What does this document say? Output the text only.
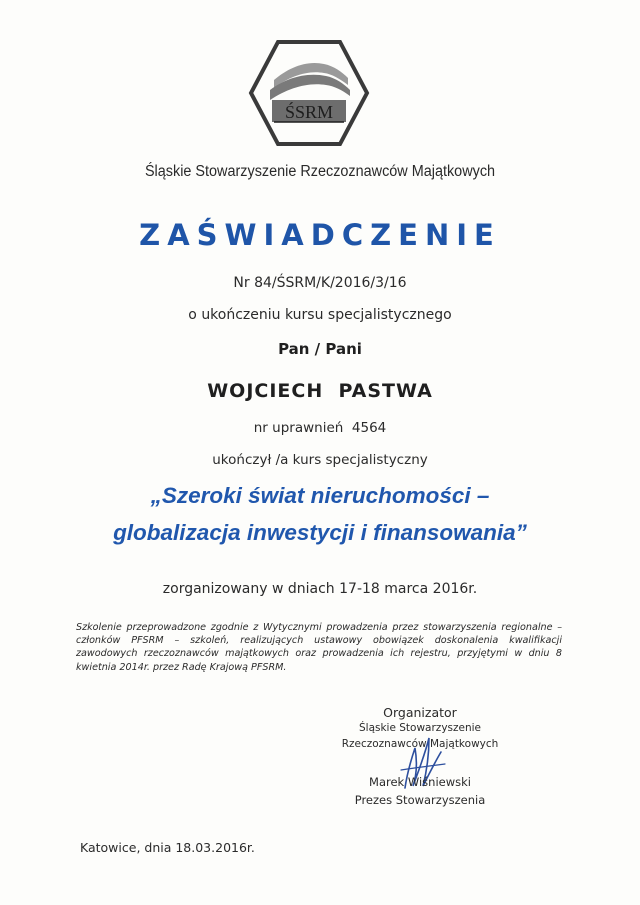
ŚSRM
Śląskie Stowarzyszenie Rzeczoznawców Majątkowych
ZAŚWIADCZENIE
Nr 84/ŚSRM/K/2016/3/16
o ukończeniu kursu specjalistycznego
Pan / Pani
WOJCIECH  PASTWA
nr uprawnień  4564
ukończył /a kurs specjalistyczny
„Szeroki świat nieruchomości –
globalizacja inwestycji i finansowania”
zorganizowany w dniach 17-18 marca 2016r.
Szkolenie przeprowadzone zgodnie z Wytycznymi prowadzenia przez stowarzyszenia regionalne – członków PFSRM – szkoleń, realizujących ustawowy obowiązek doskonalenia kwalifikacji zawodowych rzeczoznawców majątkowych oraz prowadzenia ich rejestru, przyjętymi w dniu 8 kwietnia 2014r. przez Radę Krajową PFSRM.
Organizator
Śląskie Stowarzyszenie
Rzeczoznawców Majątkowych
Marek Wiśniewski
Prezes Stowarzyszenia
Katowice, dnia 18.03.2016r.
